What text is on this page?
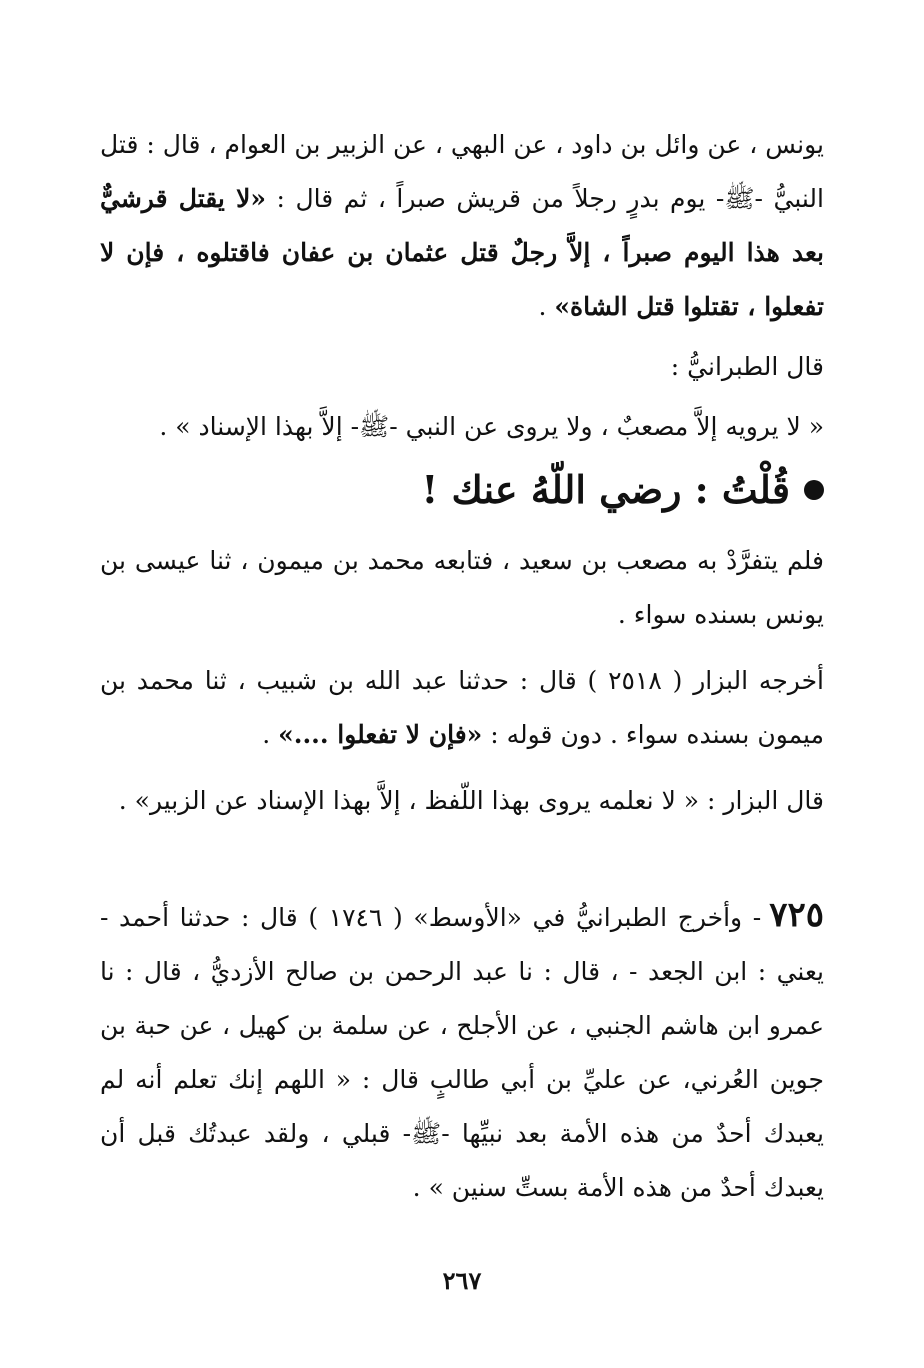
يونس ، عن وائل بن داود ، عن البهي ، عن الزبير بن العوام ، قال : قتل النبيُّ -ﷺ- يوم بدرٍ رجلاً من قريش صبراً ، ثم قال : «لا يقتل قرشيٌّ بعد هذا اليوم صبراً ، إلاَّ رجلٌ قتل عثمان بن عفان فاقتلوه ، فإن لا تفعلوا ، تقتلوا قتل الشاة» .

قال الطبرانيُّ :

« لا يرويه إلاَّ مصعبٌ ، ولا يروى عن النبي -ﷺ- إلاَّ بهذا الإسناد » .

قُلْتُ : رضي اللّهُ عنك !

فلم يتفرَّدْ به مصعب بن سعيد ، فتابعه محمد بن ميمون ، ثنا عيسى بن يونس بسنده سواء .

أخرجه البزار ( ٢٥١٨ ) قال : حدثنا عبد الله بن شبيب ، ثنا محمد بن ميمون بسنده سواء . دون قوله : «فإن لا تفعلوا ....» .

قال البزار : « لا نعلمه يروى بهذا اللّفظ ، إلاَّ بهذا الإسناد عن الزبير» .

٧٢٥- وأخرج الطبرانيُّ في «الأوسط» ( ١٧٤٦ ) قال : حدثنا أحمد - يعني : ابن الجعد - ، قال : نا عبد الرحمن بن صالح الأزديُّ ، قال : نا عمرو ابن هاشم الجنبي ، عن الأجلح ، عن سلمة بن كهيل ، عن حبة بن جوين العُرني، عن عليِّ بن أبي طالبٍ قال : « اللهم إنك تعلم أنه لم يعبدك أحدٌ من هذه الأمة بعد نبيِّها -ﷺ- قبلي ، ولقد عبدتُك قبل أن يعبدك أحدٌ من هذه الأمة بستِّ سنين » .

٢٦٧
